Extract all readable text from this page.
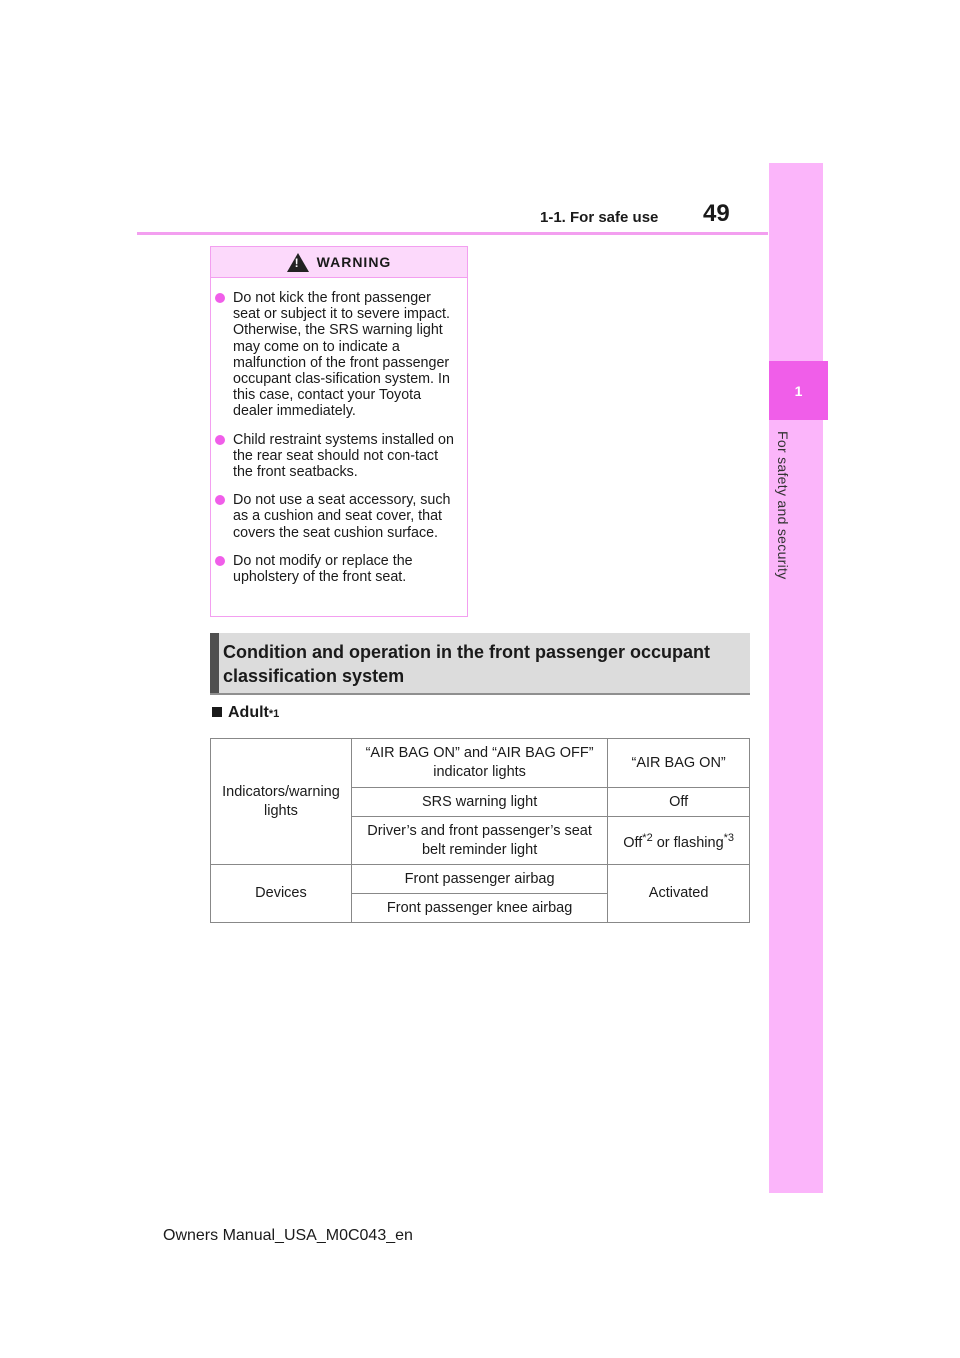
1-1. For safe use 49
1
For safety and security
!
WARNING
Do not kick the front passenger seat or subject it to severe impact. Otherwise, the SRS warning light may come on to indicate a malfunction of the front passenger occupant clas-sification system. In this case, contact your Toyota dealer immediately.
Child restraint systems installed on the rear seat should not con-tact the front seatbacks.
Do not use a seat accessory, such as a cushion and seat cover, that covers the seat cushion surface.
Do not modify or replace the upholstery of the front seat.
Condition and operation in the front passenger occupant classification system
Adult *1
Indicators/warning lights	“AIR BAG ON” and “AIR BAG OFF” indicator lights	“AIR BAG ON”
	SRS warning light	Off
	Driver’s and front passenger’s seat belt reminder light	Off$^{*2}$ or flashing$^{*3}$
Devices	Front passenger airbag	Activated
	Front passenger knee airbag	
Owners Manual_USA_M0C043_en
